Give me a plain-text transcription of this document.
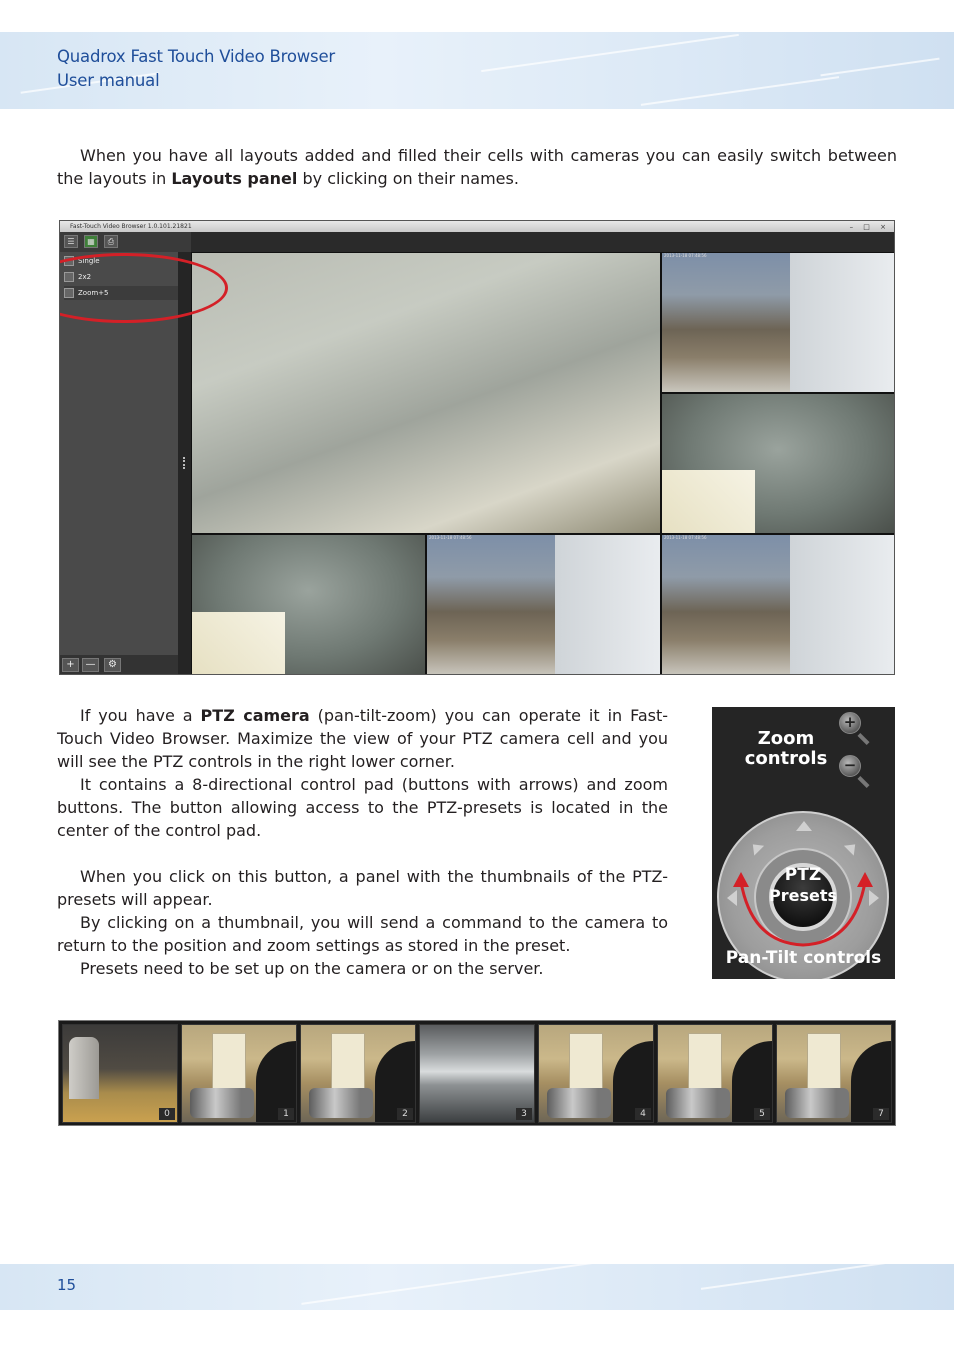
Quadrox Fast Touch Video Browser
User manual

When you have all layouts added and filled their cells with cameras you can easily switch between the layouts in Layouts panel by clicking on their names.

Fast-Touch Video Browser 1.0.101.21821	– □ ×
☰	▦	⎙
Single
2x2
Zoom+5
+	—	⚙
2013-11-18 07:48:56
2013-11-18 07:48:56	2013-11-18 07:48:56

If you have a PTZ camera (pan-tilt-zoom) you can operate it in Fast-Touch Video Browser. Maximize the view of your PTZ camera cell and you will see the PTZ controls in the right lower corner.

It contains a 8-directional control pad (buttons with arrows) and zoom buttons. The button allowing access to the PTZ-presets is located in the center of the control pad.

When you click on this button, a panel with the thumbnails of the PTZ-presets will appear.

By clicking on a thumbnail, you will send a command to the camera to return to the position and zoom settings as stored in the preset.

Presets need to be set up on the camera or on the server.

Zoom
controls
+
−
PTZ
Presets
Pan-Tilt controls
0	1	2	3	4	5	7
15
